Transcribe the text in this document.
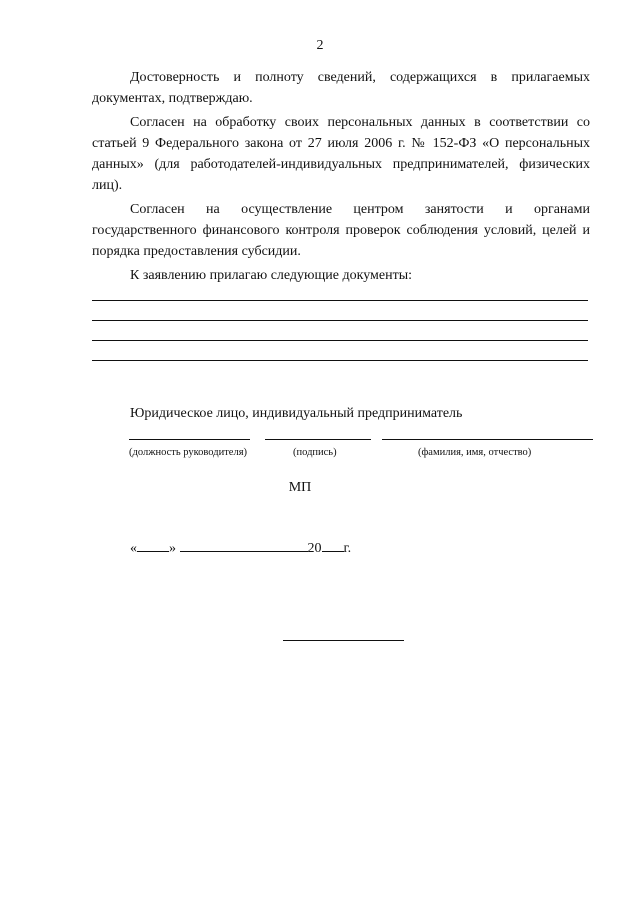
2

Достоверность и полноту сведений, содержащихся в прилагаемых документах, подтверждаю.

Согласен на обработку своих персональных данных в соответствии со статьей 9 Федерального закона от 27 июля 2006 г. № 152-ФЗ «О персональных данных» (для работодателей-индивидуальных предпринимателей, физических лиц).

Согласен на осуществление центром занятости и органами государственного финансового контроля проверок соблюдения условий, целей и порядка предоставления субсидии.

К заявлению прилагаю следующие документы:
Юридическое лицо, индивидуальный предприниматель
(должность руководителя)	(подпись)	(фамилия, имя, отчество)
МП
« »	20 г.
